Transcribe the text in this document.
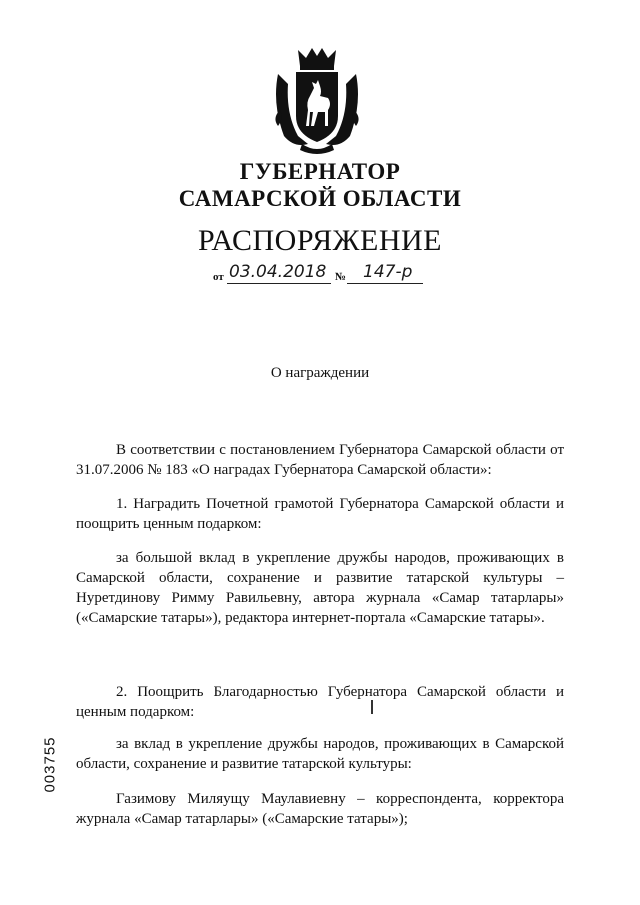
ГУБЕРНАТОР
САМАРСКОЙ ОБЛАСТИ
РАСПОРЯЖЕНИЕ
от 03.04.2018 № 147-р
О награждении
В соответствии с постановлением Губернатора Самарской области от 31.07.2006 № 183 «О наградах Губернатора Самарской области»:
1. Наградить Почетной грамотой Губернатора Самарской области и поощрить ценным подарком:
за большой вклад в укрепление дружбы народов, проживающих в Самарской области, сохранение и развитие татарской культуры – Нуретдинову Римму Равильевну, автора журнала «Самар татарлары» («Самарские татары»), редактора интернет-портала «Самарские татары».
2. Поощрить Благодарностью Губернатора Самарской области и ценным подарком:
за вклад в укрепление дружбы народов, проживающих в Самарской области, сохранение и развитие татарской культуры:
Газимову Миляущу Маулавиевну – корреспондента, корректора журнала «Самар татарлары» («Самарские татары»);
003755
